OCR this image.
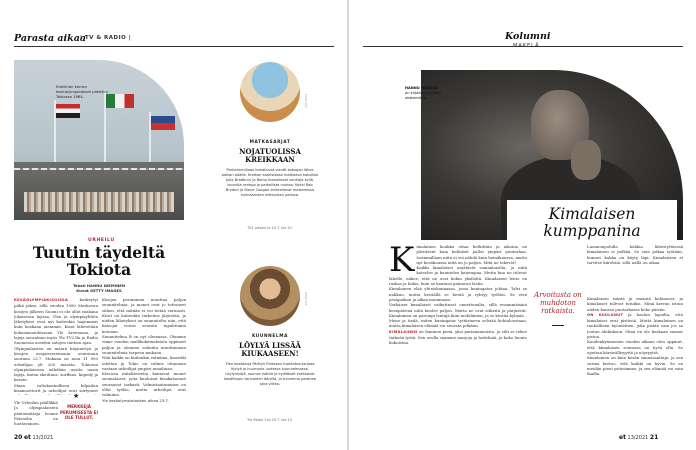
Parasta aikaa
| TV & RADIO |
Edellinen kerran keskiolympialaiset pidettiin Tokiossa 1964.
URHEILU
Tuutin täydeltä Tokiota
Teksti HANNU NIEMINEN
Kuvat GETTY IMAGES

KESÄOLYMPIAKISOISSA keskeytyi pitkä jakso, sillä vuoden 1980 Moskovan kisojen jälkeen Suomi ei ole ollut mukana jokaisessa lajissa. Ylen ja olympiayhtiön lähetykset ovat nyt kuitenkin laajemmat kuin koskaan aiemmin. Kisat lähetetään kokonaisuudessaan Yle Areenassa, ja lajeja seurataan myös Yle TV2:lla ja Radio Suomessa useiden satojen tuntien ajan.

Olympialaisten on määrä käynnistyä ja kisojen avajaisseremonia seurataan suorana 23.7. Mukana on noin 11 000 urheilijaa yli 200 maasta. Tokiossa olympialaisissa nähdään useita uusia lajeja, kuten skeittaus, surffaus, kiipeily ja karate.

Maan valtakunnallisen kilpailun kisamoottorit ja urheilijat ovat siirtyneet

Yle Urheilun päällikkö Ja olympialaisten päätoimittaja Ivonne Palonelia on luottavainen.

★
MERKKEJÄ PERUMISESTA EI OLE TULLUT.

Kisojen peruminen muuttaa paljon suunnitelmia, ja monet ovat jo tottuneet siihen, että mitään ei voi tietää varmasti. Kisat on kuitenkin tarkoitus järjestää, ja niiden lähetykset on suunniteltu niin, että katsojat voivat seurata tapahtumia kotoaan.

Suunnitelma B on nyt olemassa. Olemme viime vuoden mallikokemuksista oppineet paljon ja olemme valmiita muuttamaan suunnitelmia tarpeen mukaan.

Niin kaikki on kuitenkin valmiina, kisaväki odottaa ja Tokio on valmis ottamaan vastaan urheilijat ympäri maailmaa.

Kisoissa mitalitoiveita kantavat monet suomalaiset, joita kuuluisat kisakatsomot seuraavat tarkasti. Valmistautuminen on ollut työläs, mutta urheilijat ovat valmiina.

Yle kesäolympialaisten alkaa 23.7.

KUVA YLE
MATKASARJAT
NOJATUOLISSA KREIKKAAN
Parhaimmillaan lomakuvat vievät katsojan lähes paikan päälle. Kreikan saaristossa matkaava kaksikko Julia Bradbury ja Roma ihastelevat vanhoja kyliä, kauniita rantoja ja paikallista ruokaa. Kokki Rob Brydon ja Steve Coogan seikkailevat maisemissa kulinaaristen elämysten parissa.
TV1 alkaen to 15.7. klo 20.
KUVA YLE
KUUNNELMA
LÖYLYÄ LISSÄÄ KIUKAASEEN!
Ylen kesäsarja Pärttyli Rintasen tuotantoa tarjoaa löylyä ja huumoria uudessa kuunnelmassa. Löylynlyöjä, saunan isäntä ja kyläläiset kohtaavat kesäiltojen tarinoiden äärellä, ja tunnelma paranee joka viikko.
Yle Radio 1 to 29.7. klo 15.
20 et 13/2021
Kolumni
HANNU MÄKELÄ
on kirjailija ja tuleva akatemikko.
Kimalaisen kumppanina

Kimalainen koukku ottaa hetkittäin ja aikoina ne pörräävät kuin keltaiset pallot ympäri puutarhaa. Isoimmillaan niitä ei voi nähdä kuin heinäkuussa, mutta nyt kesäkuussa niitä on jo paljon. Mitä ne tekevät?

Kaikki kimalaiset näyttävät samanlaisilta, ja niitä katselee ja kuuntelee kauempaa. Mutta kun ne tulevat lähelle, näkee, että ne ovat kukin yksilöitä. Kimalaisen lento on raskas ja hidas, kuin se kantaisi painavaa lastia.

Kimalainen elää yhteiskunnassa, jossa kuningatar johtaa. Talvi se nukkuu, mutta keväällä se herää ja ryhtyy työhön. Se etsii pesäpaikan ja alkaa munimaan.

Varhaiset kimalaiset vaikuttavat onnettomilta, sillä ensimmäisinä kesäpäivinä niitä kuolee paljon. Mutta ne ovat sitkeitä ja pärjäävät. Kimalainen on parempi lentäjä kuin mehiläinen, ja se kestää kylmää.

Mene ja tiedä, miten kuningatar tyttärineen selviää kohtaloostaan, mutta kimalaisen elämää voi seurata pitkään.

KIMALAINEN on ihminen pieni, yksi pariaminnoista, ja silti se tekee tärkeää työtä. Sen avulla saamme marjoja ja hedelmiä, ja koko luonto kukoistaa.

Arvoitusta on muhdoton ratkaista.

Luonnonpolulla kukkia lähestyttäessä kimalainen ei pelkää. Se vain jatkaa työtään, kunnes kukka on käyty läpi. Kimalaisten ei tarvitse kiirehtiä, sillä niillä on aikaa.

Kimalaisen isäntä ja emäntä kohtaavat, ja kimalaiset tulevat tutuiksi. Minä kerran istuin niiden kanssa puutarhassa koko päivän.

ON KUULUNUT ja koulun lapsilta, että kimalaiset ovat pistäviä. Mutta kimalainen on rauhallinen hyönteinen, joka pistää vain jos se joutuu ahdinkoon. Minä en ole koskaan saanut pistoa.

Kuudenkymmenen vuoden aikana olen oppinut, että kimalaisen seurassa on hyvä olla. Se opettaa kärsivällisyyttä ja nöyryyttä.

Kimalainen on kuin kesän sanansaattaja, ja sen surina kertoo, että kaikki on hyvin. Se on meidän pieni ystävämme, ja sen elämää voi vain ihailla.

et 13/2021 21
